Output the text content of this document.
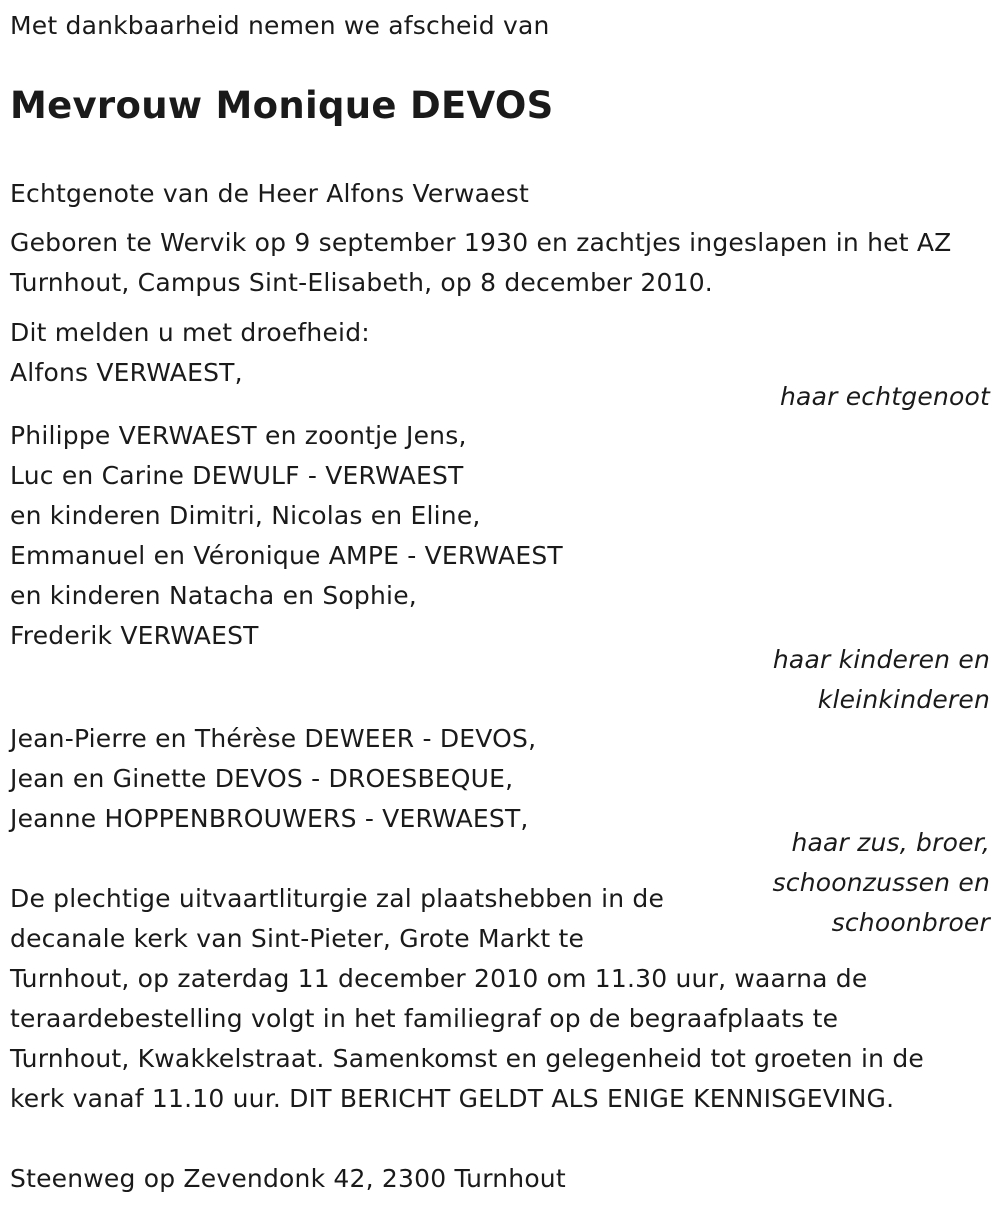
Met dankbaarheid nemen we afscheid van
Mevrouw Monique DEVOS
Echtgenote van de Heer Alfons Verwaest
Geboren te Wervik op 9 september 1930 en zachtjes ingeslapen in het AZ
Turnhout, Campus Sint-Elisabeth, op 8 december 2010.
Dit melden u met droefheid:
Alfons VERWAEST,
haar echtgenoot
Philippe VERWAEST en zoontje Jens,
Luc en Carine DEWULF - VERWAEST
en kinderen Dimitri, Nicolas en Eline,
Emmanuel en Véronique AMPE - VERWAEST
en kinderen Natacha en Sophie,
Frederik VERWAEST
haar kinderen en
kleinkinderen
Jean-Pierre en Thérèse DEWEER - DEVOS,
Jean en Ginette DEVOS - DROESBEQUE,
Jeanne HOPPENBROUWERS - VERWAEST,
haar zus, broer,
schoonzussen en
schoonbroer
De plechtige uitvaartliturgie zal plaatshebben in de
decanale kerk van Sint-Pieter, Grote Markt te
Turnhout, op zaterdag 11 december 2010 om 11.30 uur, waarna de
teraardebestelling volgt in het familiegraf op de begraafplaats te
Turnhout, Kwakkelstraat. Samenkomst en gelegenheid tot groeten in de
kerk vanaf 11.10 uur. DIT BERICHT GELDT ALS ENIGE KENNISGEVING.
Steenweg op Zevendonk 42, 2300 Turnhout
